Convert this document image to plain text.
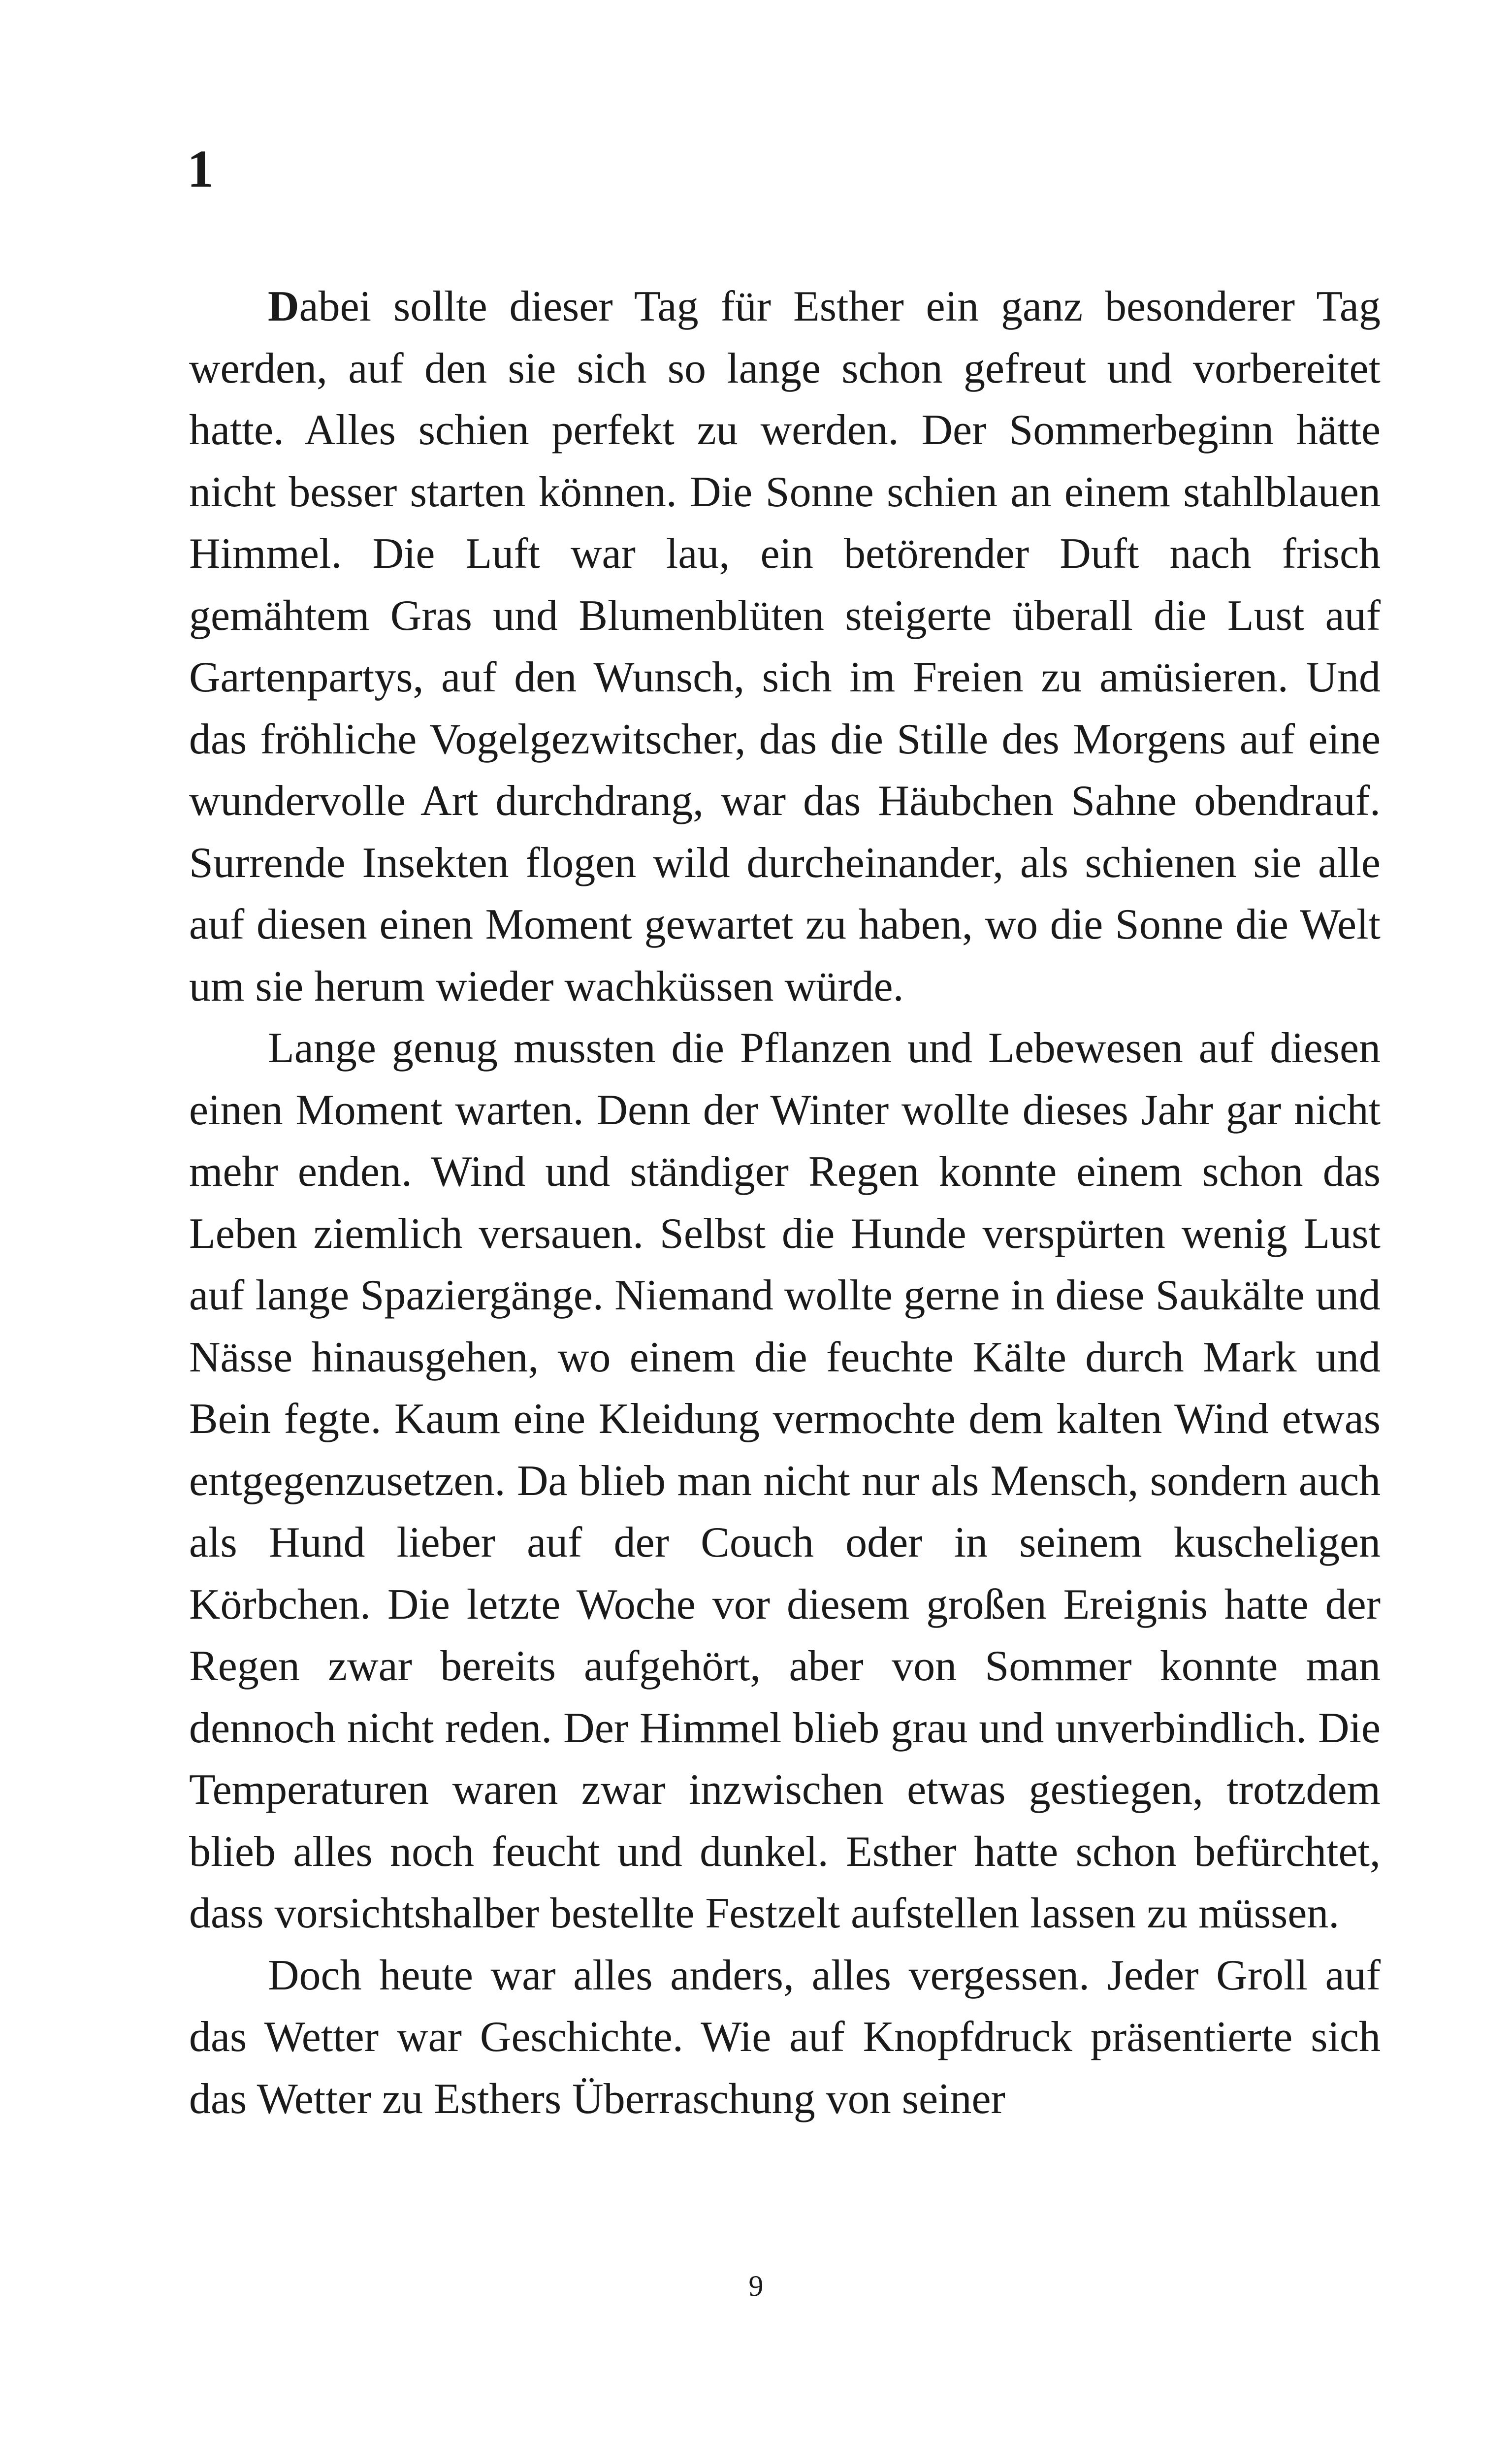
1

Dabei sollte dieser Tag für Esther ein ganz besonderer Tag werden, auf den sie sich so lange schon gefreut und vorbereitet hatte. Alles schien perfekt zu werden. Der Sommerbeginn hätte nicht besser starten können. Die Sonne schien an einem stahlblauen Himmel. Die Luft war lau, ein betörender Duft nach frisch gemähtem Gras und Blumenblüten steigerte überall die Lust auf Gartenpartys, auf den Wunsch, sich im Freien zu amüsieren. Und das fröhliche Vogelgezwitscher, das die Stille des Morgens auf eine wundervolle Art durchdrang, war das Häubchen Sahne obendrauf. Surrende Insekten flogen wild durcheinander, als schienen sie alle auf diesen einen Moment gewartet zu haben, wo die Sonne die Welt um sie herum wieder wachküssen würde.

Lange genug mussten die Pflanzen und Lebewesen auf diesen einen Moment warten. Denn der Winter wollte dieses Jahr gar nicht mehr enden. Wind und ständiger Regen konnte einem schon das Leben ziemlich versauen. Selbst die Hunde verspürten wenig Lust auf lange Spaziergänge. Niemand wollte gerne in diese Saukälte und Nässe hinausgehen, wo einem die feuchte Kälte durch Mark und Bein fegte. Kaum eine Kleidung vermochte dem kalten Wind etwas entgegenzusetzen. Da blieb man nicht nur als Mensch, sondern auch als Hund lieber auf der Couch oder in seinem kuscheligen Körbchen. Die letzte Woche vor diesem großen Ereignis hatte der Regen zwar bereits aufgehört, aber von Sommer konnte man dennoch nicht reden. Der Himmel blieb grau und unverbindlich. Die Temperaturen waren zwar inzwischen etwas gestiegen, trotzdem blieb alles noch feucht und dunkel. Esther hatte schon befürchtet, dass vorsichtshalber bestellte Festzelt aufstellen lassen zu müssen.

Doch heute war alles anders, alles vergessen. Jeder Groll auf das Wetter war Geschichte. Wie auf Knopfdruck präsentierte sich das Wetter zu Esthers Überraschung von seiner

9
